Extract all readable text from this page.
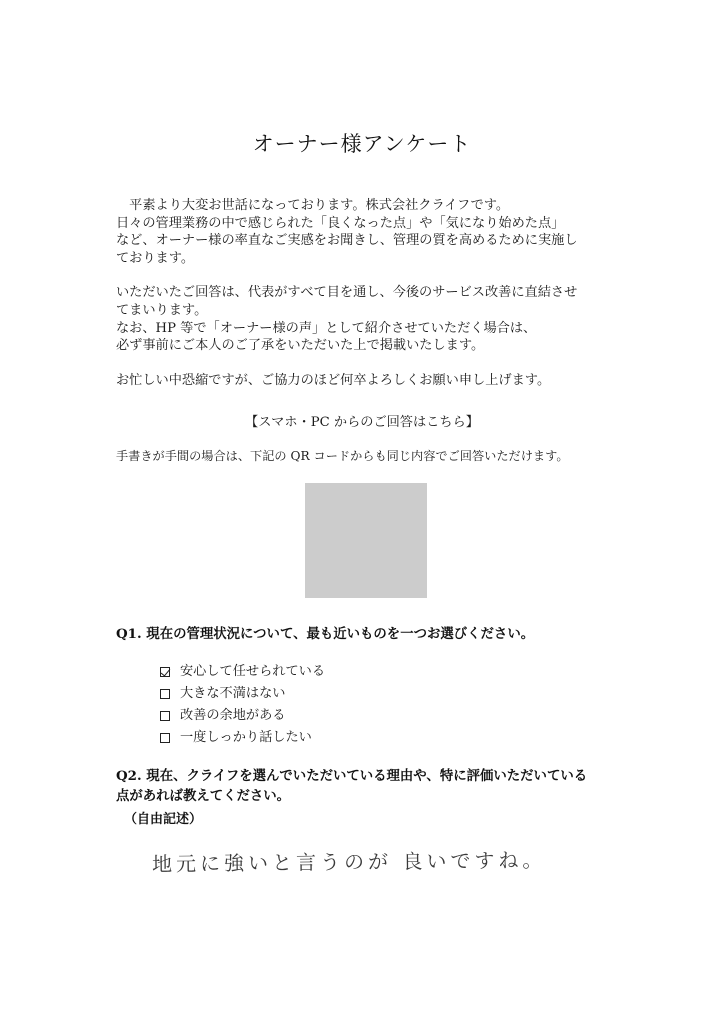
オーナー様アンケート

　平素より大変お世話になっております。株式会社クライフです。
日々の管理業務の中で感じられた「良くなった点」や「気になり始めた点」
など、オーナー様の率直なご実感をお聞きし、管理の質を高めるために実施し
ております。

いただいたご回答は、代表がすべて目を通し、今後のサービス改善に直結させ
てまいります。
なお、HP 等で「オーナー様の声」として紹介させていただく場合は、
必ず事前にご本人のご了承をいただいた上で掲載いたします。

お忙しい中恐縮ですが、ご協力のほど何卒よろしくお願い申し上げます。

【スマホ・PC からのご回答はこちら】
手書きが手間の場合は、下記の QR コードからも同じ内容でご回答いただけます。
Q1. 現在の管理状況について、最も近いものを一つお選びください。
安心して任せられている
大きな不満はない
改善の余地がある
一度しっかり話したい
Q2. 現在、クライフを選んでいただいている理由や、特に評価いただいている
点があれば教えてください。
（自由記述）
地元に強いと言うのが 良いですね。
